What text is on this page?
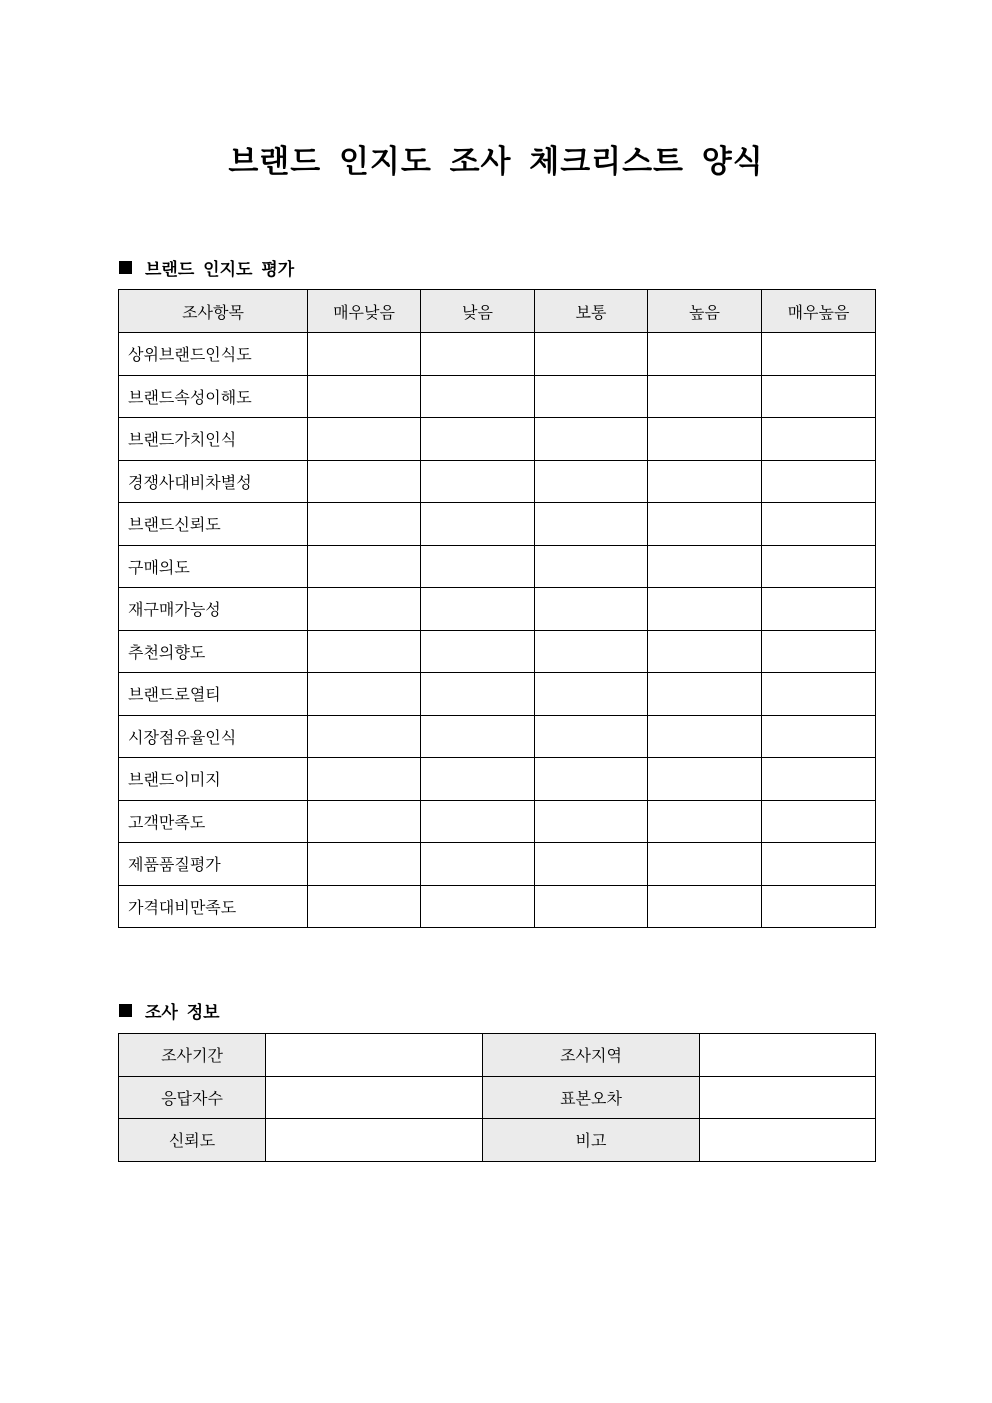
브랜드 인지도 조사 체크리스트 양식
브랜드 인지도 평가
조사항목	매우낮음	낮음	보통	높음	매우높음
상위브랜드인식도					
브랜드속성이해도					
브랜드가치인식					
경쟁사대비차별성					
브랜드신뢰도					
구매의도					
재구매가능성					
추천의향도					
브랜드로열티					
시장점유율인식					
브랜드이미지					
고객만족도					
제품품질평가					
가격대비만족도					
조사 정보
조사기간		조사지역	
응답자수		표본오차	
신뢰도		비고	
